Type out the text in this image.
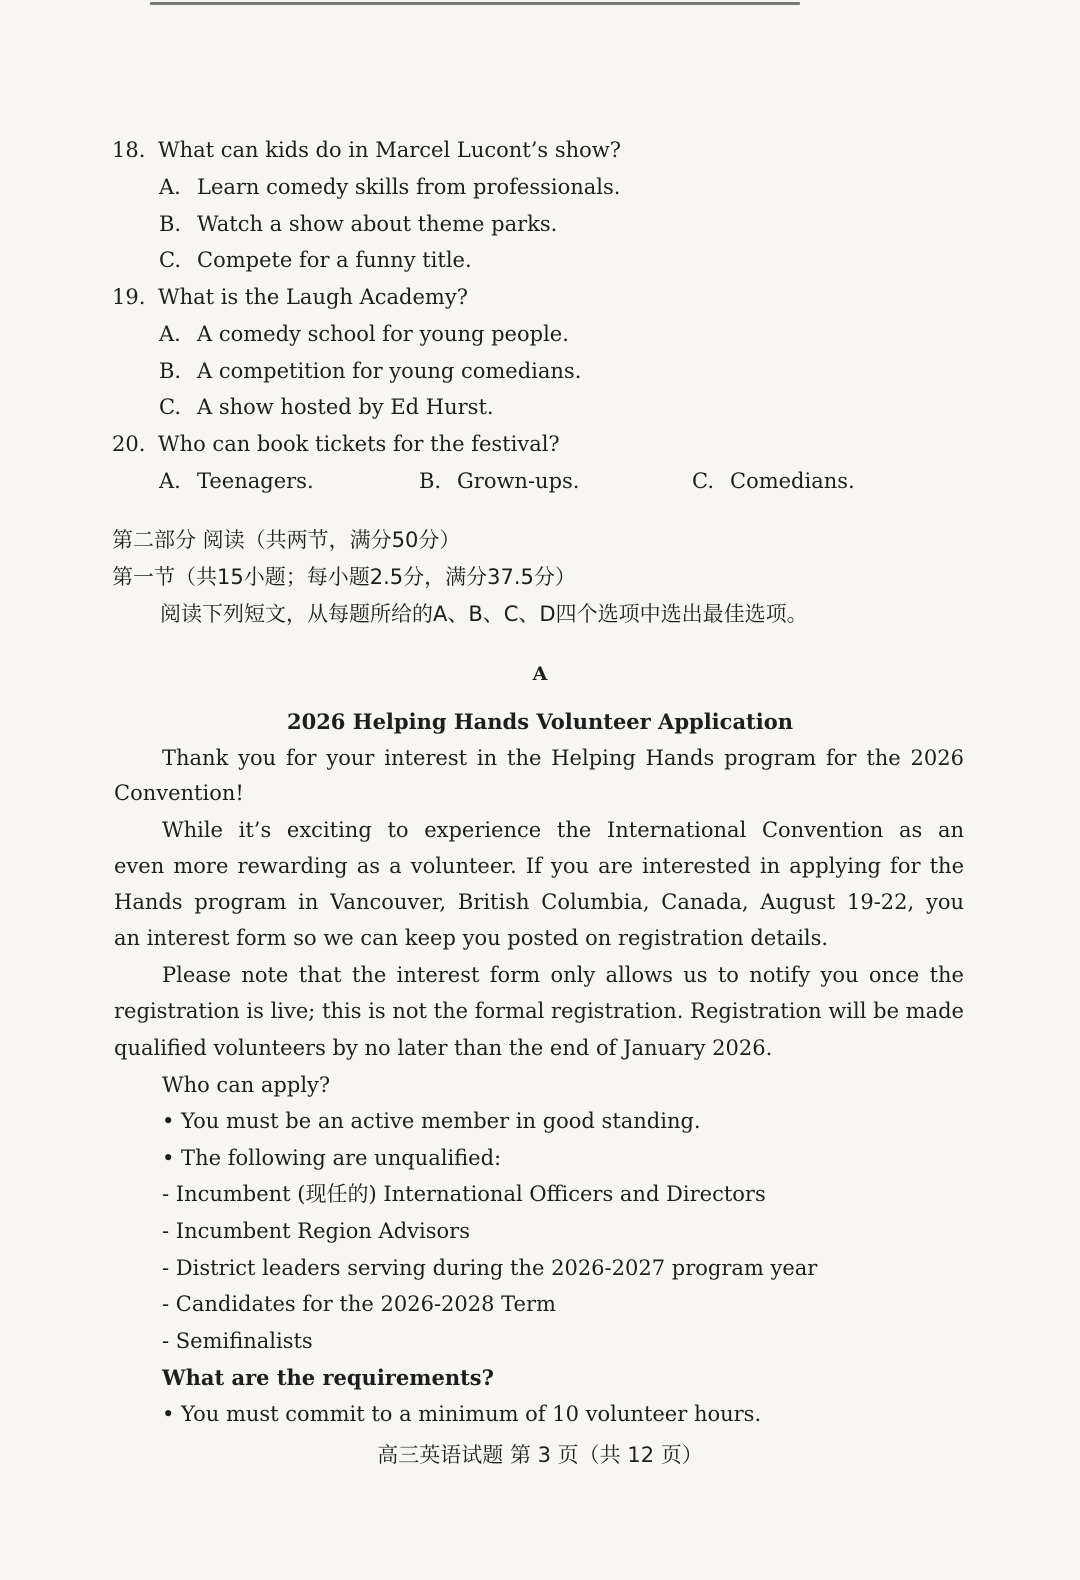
18. What can kids do in Marcel Lucont’s show?
A. Learn comedy skills from professionals.
B. Watch a show about theme parks.
C. Compete for a funny title.
19. What is the Laugh Academy?
A. A comedy school for young people.
B. A competition for young comedians.
C. A show hosted by Ed Hurst.
20. Who can book tickets for the festival?
A. Teenagers.	B. Grown-ups.	C. Comedians.
第二部分 阅读（共两节，满分50分）
第一节（共15小题；每小题2.5分，满分37.5分）
阅读下列短文，从每题所给的A、B、C、D四个选项中选出最佳选项。
A
2026 Helping Hands Volunteer Application
Thank you for your interest in the Helping Hands program for the 2026
Convention!
While it’s exciting to experience the International Convention as an
even more rewarding as a volunteer. If you are interested in applying for the
Hands program in Vancouver, British Columbia, Canada, August 19-22, you
an interest form so we can keep you posted on registration details.
Please note that the interest form only allows us to notify you once the
registration is live; this is not the formal registration. Registration will be made
qualified volunteers by no later than the end of January 2026.
Who can apply?
• You must be an active member in good standing.
• The following are unqualified:
- Incumbent (现任的) International Officers and Directors
- Incumbent Region Advisors
- District leaders serving during the 2026-2027 program year
- Candidates for the 2026-2028 Term
- Semifinalists
What are the requirements?
• You must commit to a minimum of 10 volunteer hours.
高三英语试题 第 3 页（共 12 页）
